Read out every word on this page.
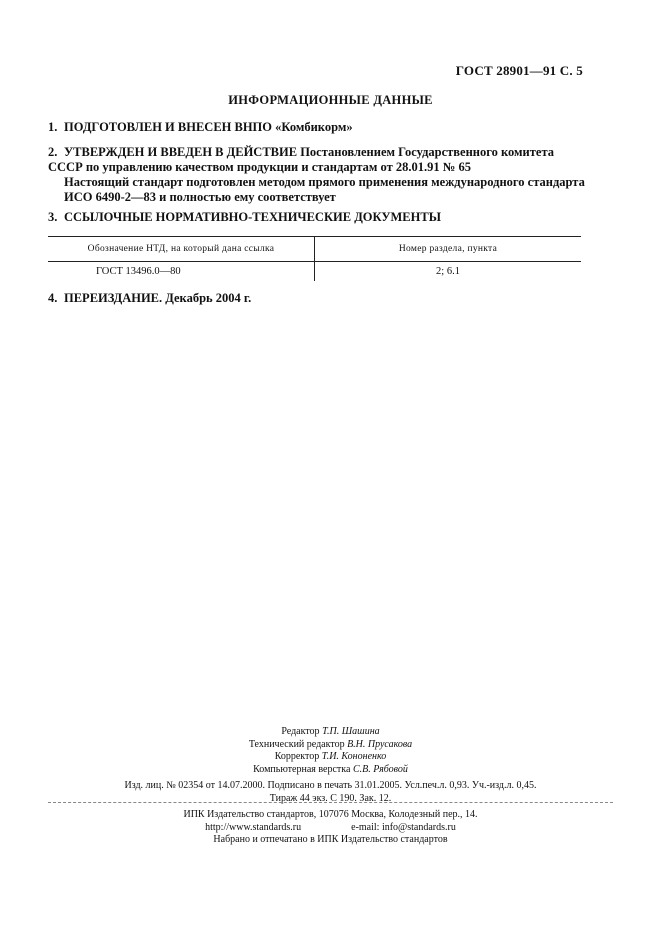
ГОСТ 28901—91 С. 5
ИНФОРМАЦИОННЫЕ ДАННЫЕ
1. ПОДГОТОВЛЕН И ВНЕСЕН ВНПО «Комбикорм»
2. УТВЕРЖДЕН И ВВЕДЕН В ДЕЙСТВИЕ Постановлением Государственного комитета СССР по управлению качеством продукции и стандартам от 28.01.91 № 65
Настоящий стандарт подготовлен методом прямого применения международного стандарта ИСО 6490-2—83 и полностью ему соответствует
3. ССЫЛОЧНЫЕ НОРМАТИВНО-ТЕХНИЧЕСКИЕ ДОКУМЕНТЫ
Обозначение НТД, на который дана ссылка	Номер раздела, пункта
ГОСТ 13496.0—80	2; 6.1
4. ПЕРЕИЗДАНИЕ. Декабрь 2004 г.
Редактор Т.П. Шашина
Технический редактор В.Н. Прусакова
Корректор Т.И. Кононенко
Компьютерная верстка С.В. Рябовой
Изд. лиц. № 02354 от 14.07.2000. Подписано в печать 31.01.2005. Усл.печ.л. 0,93. Уч.-изд.л. 0,45.
Тираж 44 экз. С 190. Зак. 12.
ИПК Издательство стандартов, 107076 Москва, Колодезный пер., 14.
http://www.standards.ru	e-mail: info@standards.ru
Набрано и отпечатано в ИПК Издательство стандартов
